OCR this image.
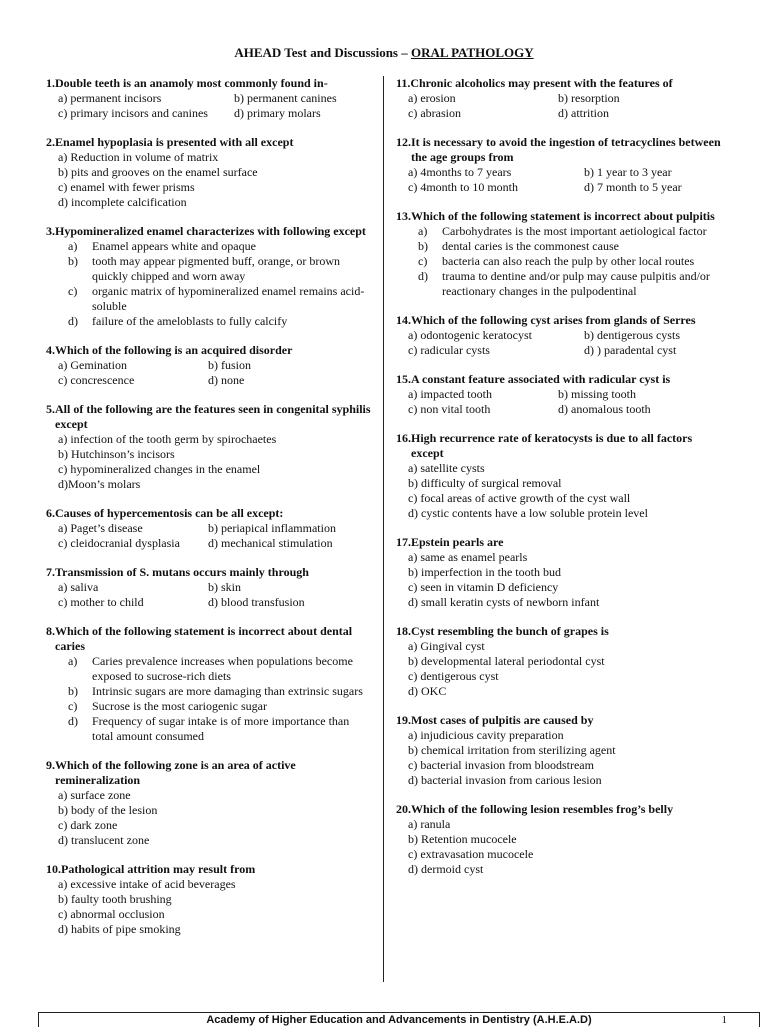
AHEAD Test and Discussions – ORAL PATHOLOGY
1. Double teeth is an anamoly most commonly found in-
a) permanent incisors	b) permanent canines
c) primary incisors and canines	d) primary molars
2. Enamel hypoplasia is presented with all except
a) Reduction in volume of matrix
b) pits and grooves on the enamel surface
c) enamel with fewer prisms
d) incomplete calcification
3. Hypomineralized enamel characterizes with following except
a)	Enamel appears white and opaque
b)	tooth may appear pigmented buff, orange, or brown quickly chipped and worn away
c)	organic matrix of hypomineralized enamel remains acid-soluble
d)	failure of the ameloblasts to fully calcify
4. Which of the following is an acquired disorder
a) Gemination	b) fusion
c) concrescence	d) none
5. All of the following are the features seen in congenital syphilis except
a) infection of the tooth germ by spirochaetes
b) Hutchinson’s incisors
c) hypomineralized changes in the enamel
d)Moon’s molars
6. Causes of hypercementosis can be all except:
a) Paget’s disease	b) periapical inflammation
c) cleidocranial dysplasia	d) mechanical stimulation
7. Transmission of S. mutans occurs mainly through
a) saliva	b) skin
c) mother to child	d) blood transfusion
8. Which of the following statement is incorrect about dental caries
a)	Caries prevalence increases when populations become exposed to sucrose-rich diets
b)	Intrinsic sugars are more damaging than extrinsic sugars
c)	Sucrose is the most cariogenic sugar
d)	Frequency of sugar intake is of more importance than total amount consumed
9. Which of the following zone is an area of active remineralization
a) surface zone
b) body of the lesion
c) dark zone
d) translucent zone
10. Pathological attrition may result from
a) excessive intake of acid beverages
b) faulty tooth brushing
c) abnormal occlusion
d) habits of pipe smoking
11. Chronic alcoholics may present with the features of
a) erosion	b) resorption
c) abrasion	d) attrition
12. It is necessary to avoid the ingestion of tetracyclines between the age groups from
a) 4months to 7 years	b) 1 year to 3 year
c) 4month to 10 month	d) 7 month to 5 year
13. Which of the following statement is incorrect about pulpitis
a)	Carbohydrates is the most important aetiological factor
b)	dental caries is the commonest cause
c)	bacteria can also reach the pulp by other local routes
d)	trauma to dentine and/or pulp may cause pulpitis and/or reactionary changes in the pulpodentinal
14. Which of the following cyst arises from glands of Serres
a) odontogenic keratocyst	b) dentigerous cysts
c) radicular cysts	d) ) paradental cyst
15. A constant feature associated with radicular cyst is
a) impacted tooth	b) missing tooth
c) non vital tooth	d) anomalous tooth
16. High recurrence rate of keratocysts is due to all factors except
a) satellite cysts
b) difficulty of surgical removal
c) focal areas of active growth of the cyst wall
d) cystic contents have a low soluble protein level
17. Epstein pearls are
a) same as enamel pearls
b) imperfection in the tooth bud
c) seen in vitamin D deficiency
d) small keratin cysts of newborn infant
18. Cyst resembling the bunch of grapes is
a) Gingival cyst
b) developmental lateral periodontal cyst
c) dentigerous cyst
d) OKC
19. Most cases of pulpitis are caused by
a) injudicious cavity preparation
b) chemical irritation from sterilizing agent
c) bacterial invasion from bloodstream
d) bacterial invasion from carious lesion
20. Which of the following lesion resembles frog’s belly
a) ranula
b) Retention mucocele
c) extravasation mucocele
d) dermoid cyst
Academy of Higher Education and Advancements in Dentistry (A.H.E.A.D)	1
